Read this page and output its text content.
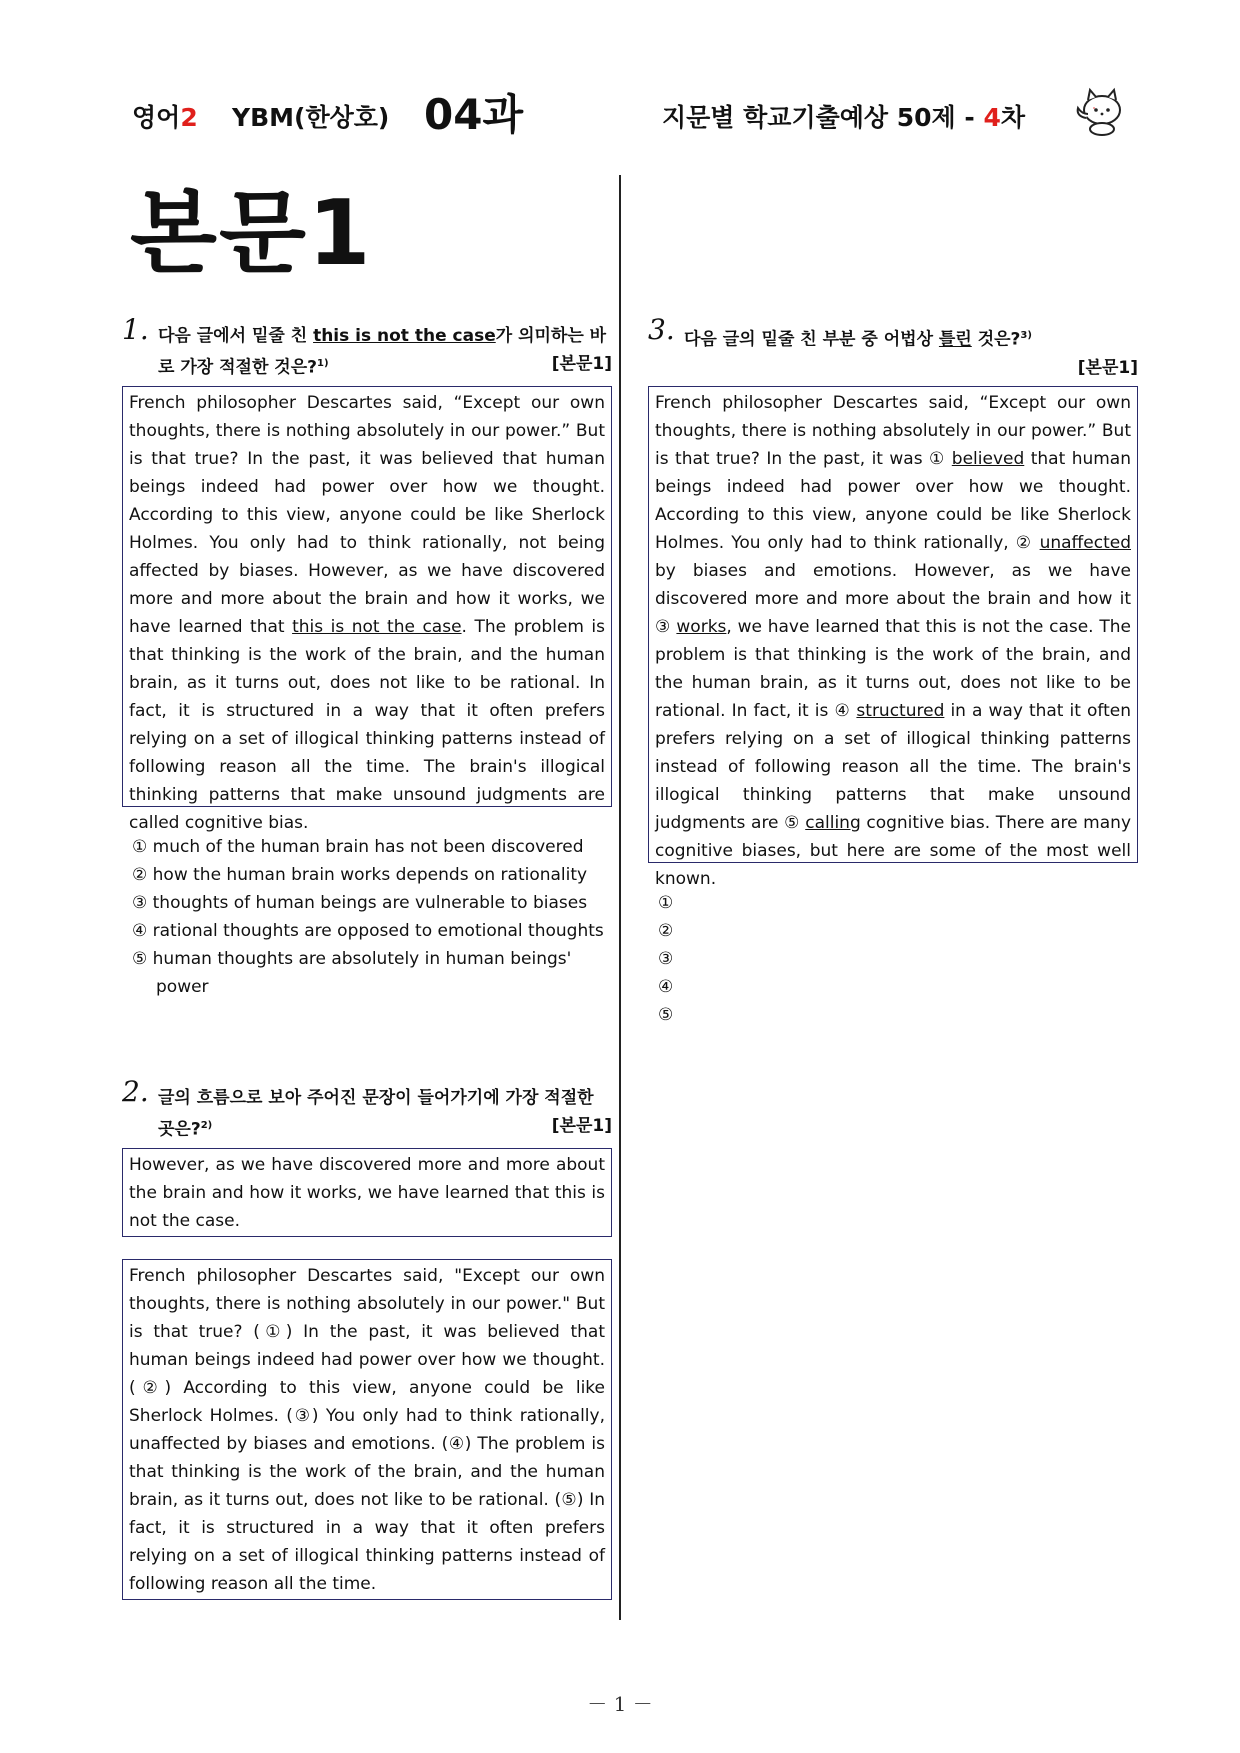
영어2 YBM(한상호) 04과	지문별 학교기출예상 50제 - 4차
본문1
1. 다음 글에서 밑줄 친 this is not the case가 의미하는 바로 가장 적절한 것은?$^{1)}$	[본문1]
French philosopher Descartes said, “Except our own thoughts, there is nothing absolutely in our power.” But is that true? In the past, it was believed that human beings indeed had power over how we thought. According to this view, anyone could be like Sherlock Holmes. You only had to think rationally, not being affected by biases. However, as we have discovered more and more about the brain and how it works, we have learned that this is not the case. The problem is that thinking is the work of the brain, and the human brain, as it turns out, does not like to be rational. In fact, it is structured in a way that it often prefers relying on a set of illogical thinking patterns instead of following reason all the time. The brain's illogical thinking patterns that make unsound judgments are called cognitive bias.
① much of the human brain has not been discovered
② how the human brain works depends on rationality
③ thoughts of human beings are vulnerable to biases
④ rational thoughts are opposed to emotional thoughts
⑤ human thoughts are absolutely in human beings' power
2. 글의 흐름으로 보아 주어진 문장이 들어가기에 가장 적절한 곳은?$^{2)}$	[본문1]
However, as we have discovered more and more about the brain and how it works, we have learned that this is not the case.
French philosopher Descartes said, "Except our own thoughts, there is nothing absolutely in our power." But is that true? (①) In the past, it was believed that human beings indeed had power over how we thought. (②) According to this view, anyone could be like Sherlock Holmes. (③) You only had to think rationally, unaffected by biases and emotions. (④) The problem is that thinking is the work of the brain, and the human brain, as it turns out, does not like to be rational. (⑤) In fact, it is structured in a way that it often prefers relying on a set of illogical thinking patterns instead of following reason all the time.
3. 다음 글의 밑줄 친 부분 중 어법상 틀린 것은?$^{3)}$
[본문1]
French philosopher Descartes said, “Except our own thoughts, there is nothing absolutely in our power.” But is that true? In the past, it was ① believed that human beings indeed had power over how we thought. According to this view, anyone could be like Sherlock Holmes. You only had to think rationally, ② unaffected by biases and emotions. However, as we have discovered more and more about the brain and how it ③ works, we have learned that this is not the case. The problem is that thinking is the work of the brain, and the human brain, as it turns out, does not like to be rational. In fact, it is ④ structured in a way that it often prefers relying on a set of illogical thinking patterns instead of following reason all the time. The brain's illogical thinking patterns that make unsound judgments are ⑤ calling cognitive bias. There are many cognitive biases, but here are some of the most well known.
①
②
③
④
⑤
－ 1 －
